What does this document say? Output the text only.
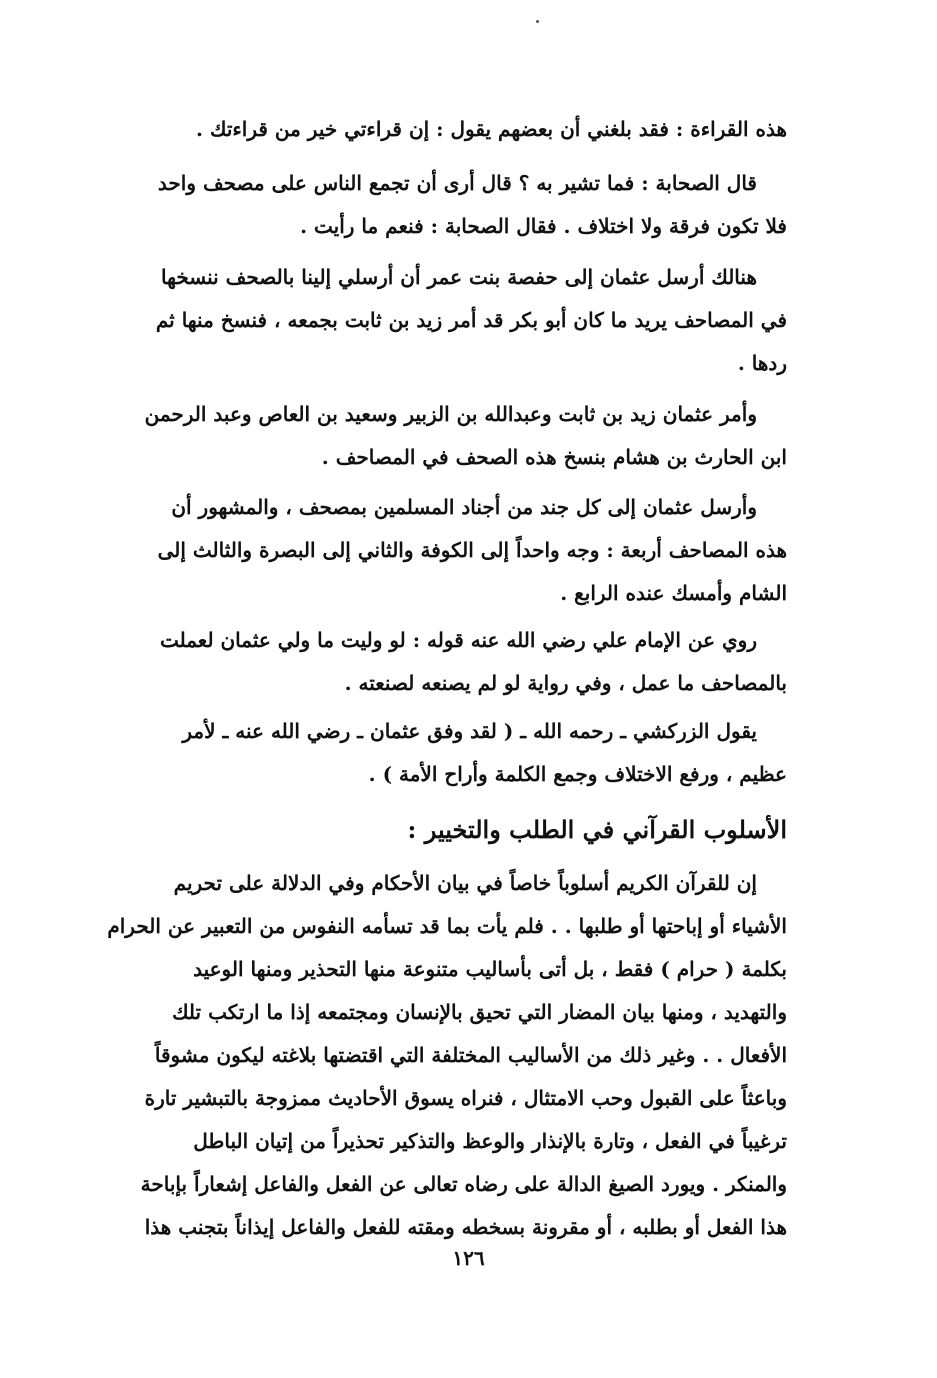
هذه القراءة : فقد بلغني أن بعضهم يقول : إن قراءتي خير من قراءتك .
قال الصحابة : فما تشير به ؟ قال أرى أن تجمع الناس على مصحف واحد
فلا تكون فرقة ولا اختلاف . فقال الصحابة : فنعم ما رأيت .
هنالك أرسل عثمان إلى حفصة بنت عمر أن أرسلي إلينا بالصحف ننسخها
في المصاحف يريد ما كان أبو بكر قد أمر زيد بن ثابت بجمعه ، فنسخ منها ثم
ردها .
وأمر عثمان زيد بن ثابت وعبدالله بن الزبير وسعيد بن العاص وعبد الرحمن
ابن الحارث بن هشام بنسخ هذه الصحف في المصاحف .
وأرسل عثمان إلى كل جند من أجناد المسلمين بمصحف ، والمشهور أن
هذه المصاحف أربعة : وجه واحداً إلى الكوفة والثاني إلى البصرة والثالث إلى
الشام وأمسك عنده الرابع .
روي عن الإمام علي رضي الله عنه قوله : لو وليت ما ولي عثمان لعملت
بالمصاحف ما عمل ، وفي رواية لو لم يصنعه لصنعته .
يقول الزركشي ـ رحمه الله ـ ( لقد وفق عثمان ـ رضي الله عنه ـ لأمر
عظيم ، ورفع الاختلاف وجمع الكلمة وأراح الأمة ) .
الأسلوب القرآني في الطلب والتخيير :
إن للقرآن الكريم أسلوباً خاصاً في بيان الأحكام وفي الدلالة على تحريم
الأشياء أو إباحتها أو طلبها . . فلم يأت بما قد تسأمه النفوس من التعبير عن الحرام
بكلمة ( حرام ) فقط ، بل أتى بأساليب متنوعة منها التحذير ومنها الوعيد
والتهديد ، ومنها بيان المضار التي تحيق بالإنسان ومجتمعه إذا ما ارتكب تلك
الأفعال . . وغير ذلك من الأساليب المختلفة التي اقتضتها بلاغته ليكون مشوقاً
وباعثاً على القبول وحب الامتثال ، فنراه يسوق الأحاديث ممزوجة بالتبشير تارة
ترغيباً في الفعل ، وتارة بالإنذار والوعظ والتذكير تحذيراً من إتيان الباطل
والمنكر . ويورد الصيغ الدالة على رضاه تعالى عن الفعل والفاعل إشعاراً بإباحة
هذا الفعل أو بطلبه ، أو مقرونة بسخطه ومقته للفعل والفاعل إيذاناً بتجنب هذا
١٢٦
